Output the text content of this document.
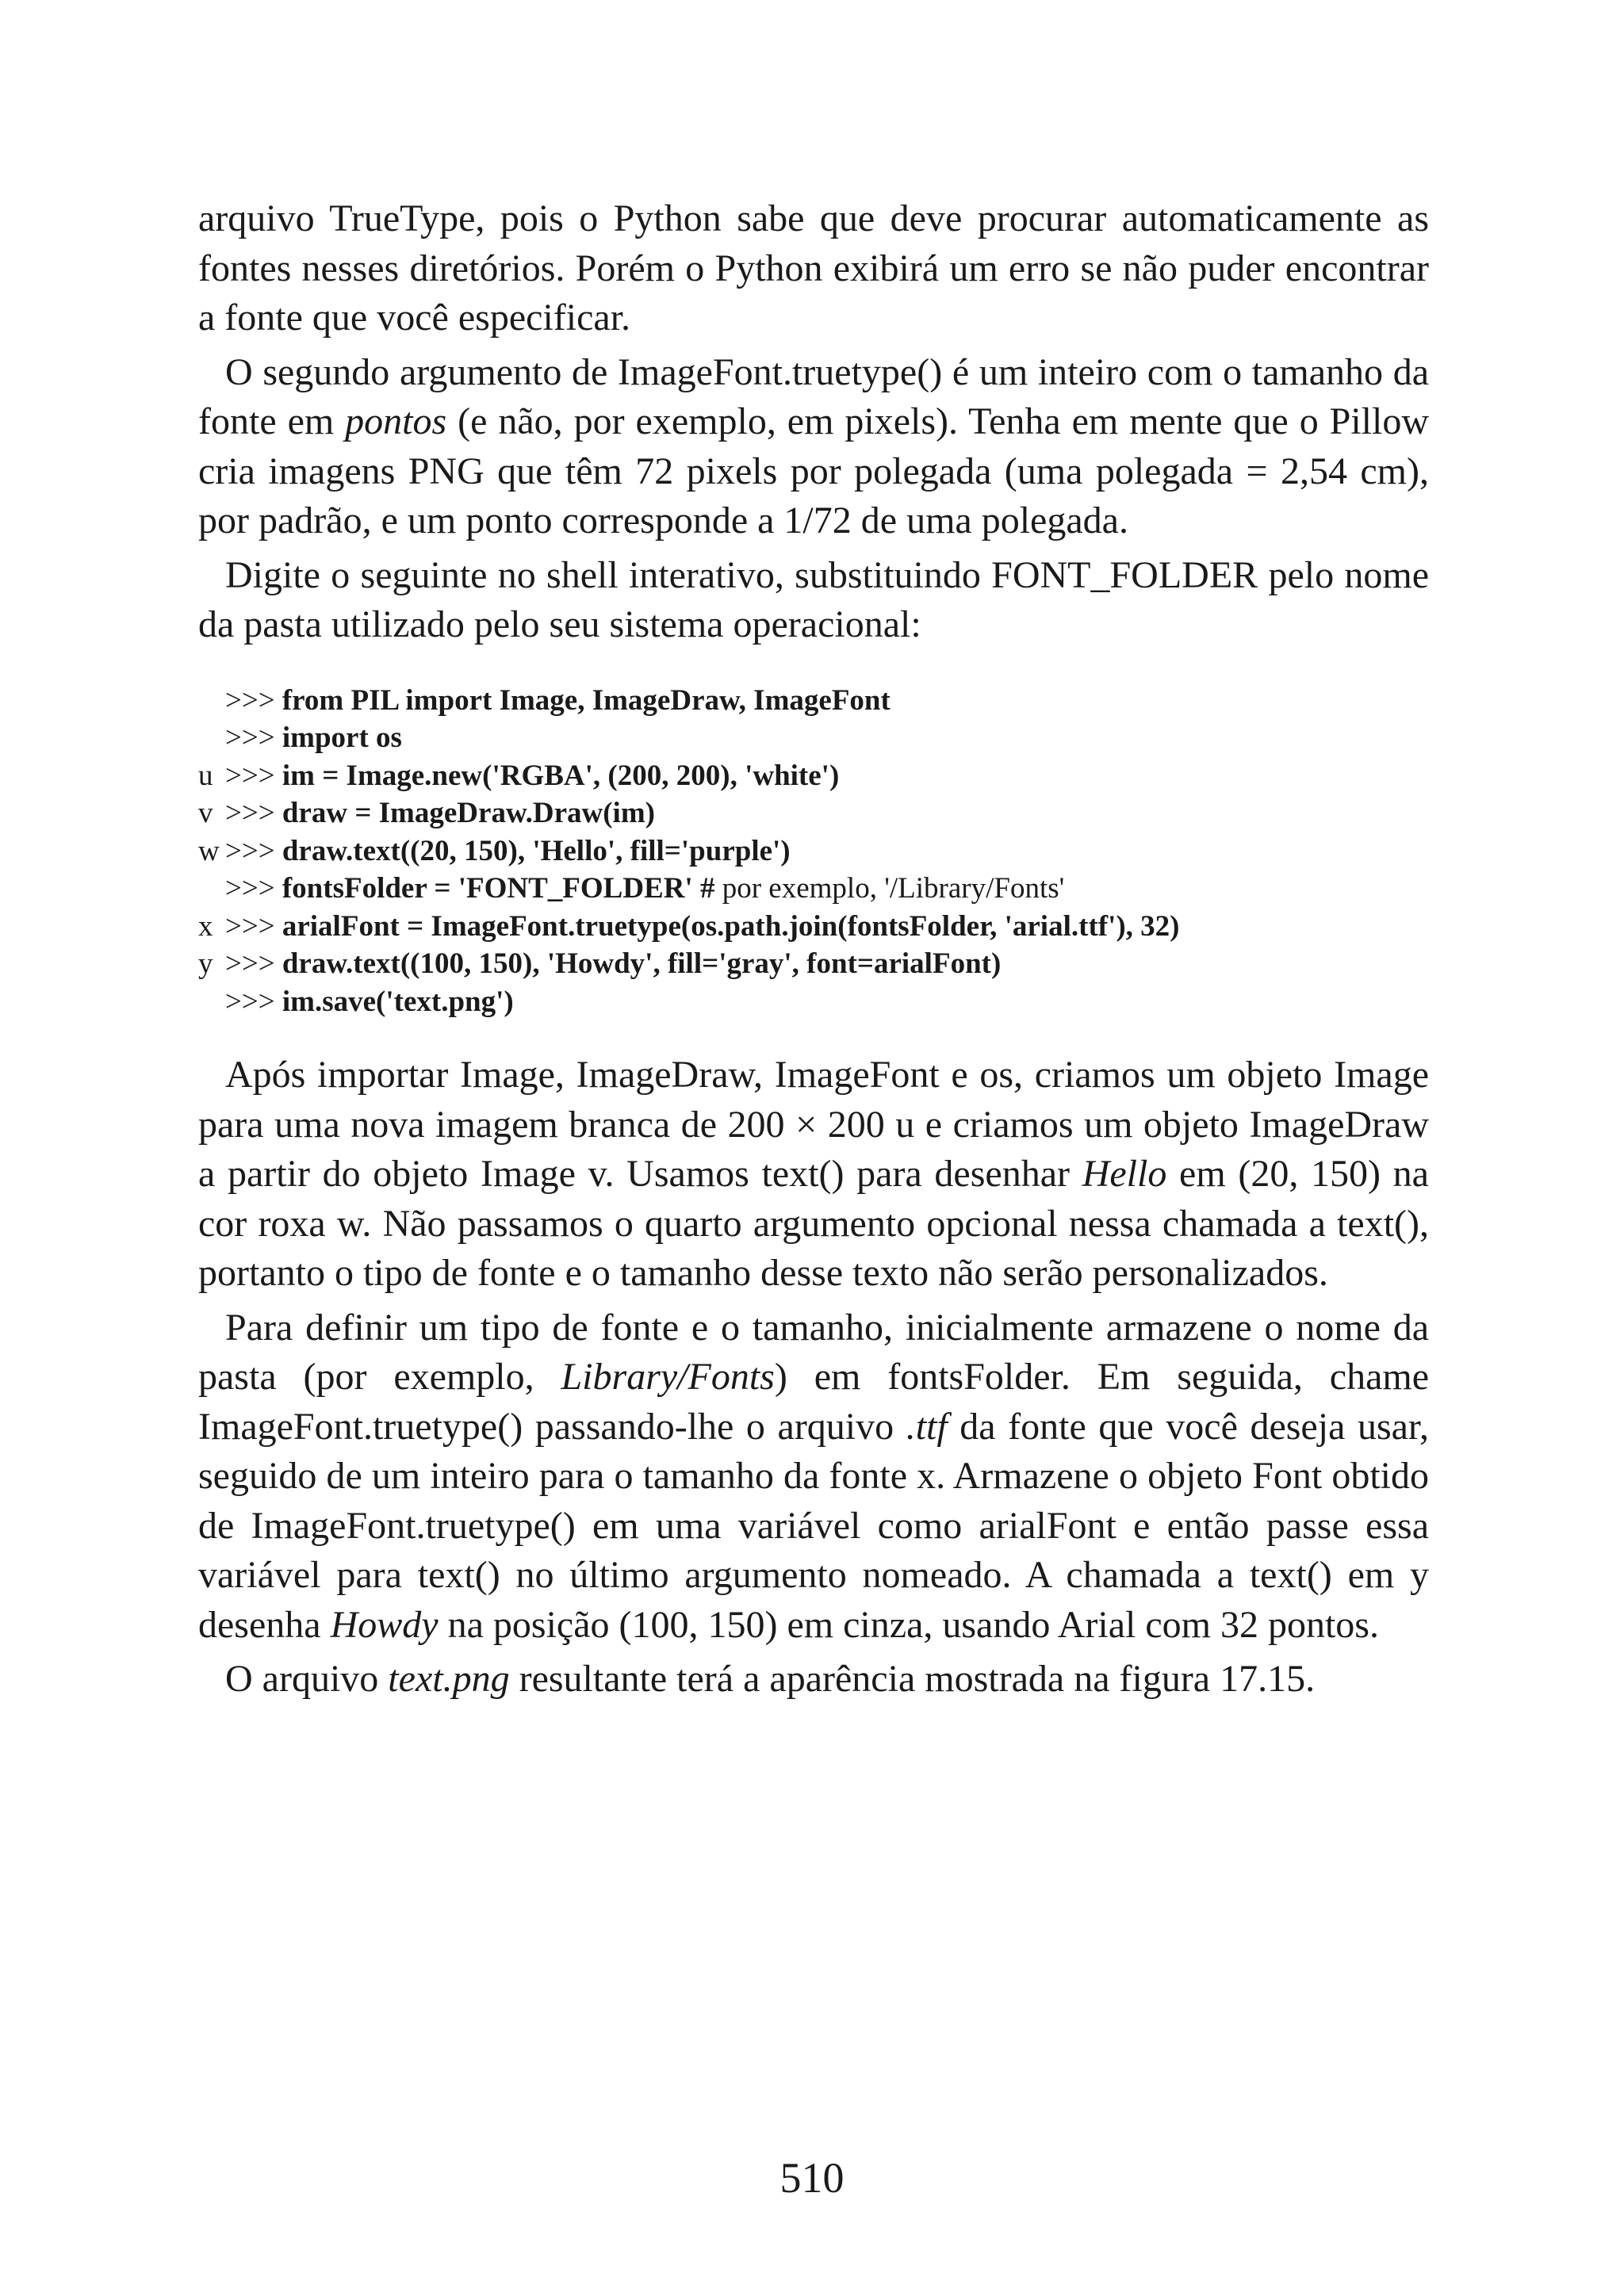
arquivo TrueType, pois o Python sabe que deve procurar automaticamente as fontes nesses diretórios. Porém o Python exibirá um erro se não puder encontrar a fonte que você especificar.

O segundo argumento de ImageFont.truetype() é um inteiro com o tamanho da fonte em pontos (e não, por exemplo, em pixels). Tenha em mente que o Pillow cria imagens PNG que têm 72 pixels por polegada (uma polegada = 2,54 cm), por padrão, e um ponto corresponde a 1/72 de uma polegada.

Digite o seguinte no shell interativo, substituindo FONT_FOLDER pelo nome da pasta utilizado pelo seu sistema operacional:

>>> from PIL import Image, ImageDraw, ImageFont
>>> import os
u >>> im = Image.new('RGBA', (200, 200), 'white')
v >>> draw = ImageDraw.Draw(im)
w >>> draw.text((20, 150), 'Hello', fill='purple')
>>> fontsFolder = 'FONT_FOLDER' # por exemplo, '/Library/Fonts'
x >>> arialFont = ImageFont.truetype(os.path.join(fontsFolder, 'arial.ttf'), 32)
y >>> draw.text((100, 150), 'Howdy', fill='gray', font=arialFont)
>>> im.save('text.png')

Após importar Image, ImageDraw, ImageFont e os, criamos um objeto Image para uma nova imagem branca de 200 × 200 u e criamos um objeto ImageDraw a partir do objeto Image v. Usamos text() para desenhar Hello em (20, 150) na cor roxa w. Não passamos o quarto argumento opcional nessa chamada a text(), portanto o tipo de fonte e o tamanho desse texto não serão personalizados.

Para definir um tipo de fonte e o tamanho, inicialmente armazene o nome da pasta (por exemplo, Library/Fonts) em fontsFolder. Em seguida, chame ImageFont.truetype() passando-lhe o arquivo .ttf da fonte que você deseja usar, seguido de um inteiro para o tamanho da fonte x. Armazene o objeto Font obtido de ImageFont.truetype() em uma variável como arialFont e então passe essa variável para text() no último argumento nomeado. A chamada a text() em y desenha Howdy na posição (100, 150) em cinza, usando Arial com 32 pontos.

O arquivo text.png resultante terá a aparência mostrada na figura 17.15.

510
